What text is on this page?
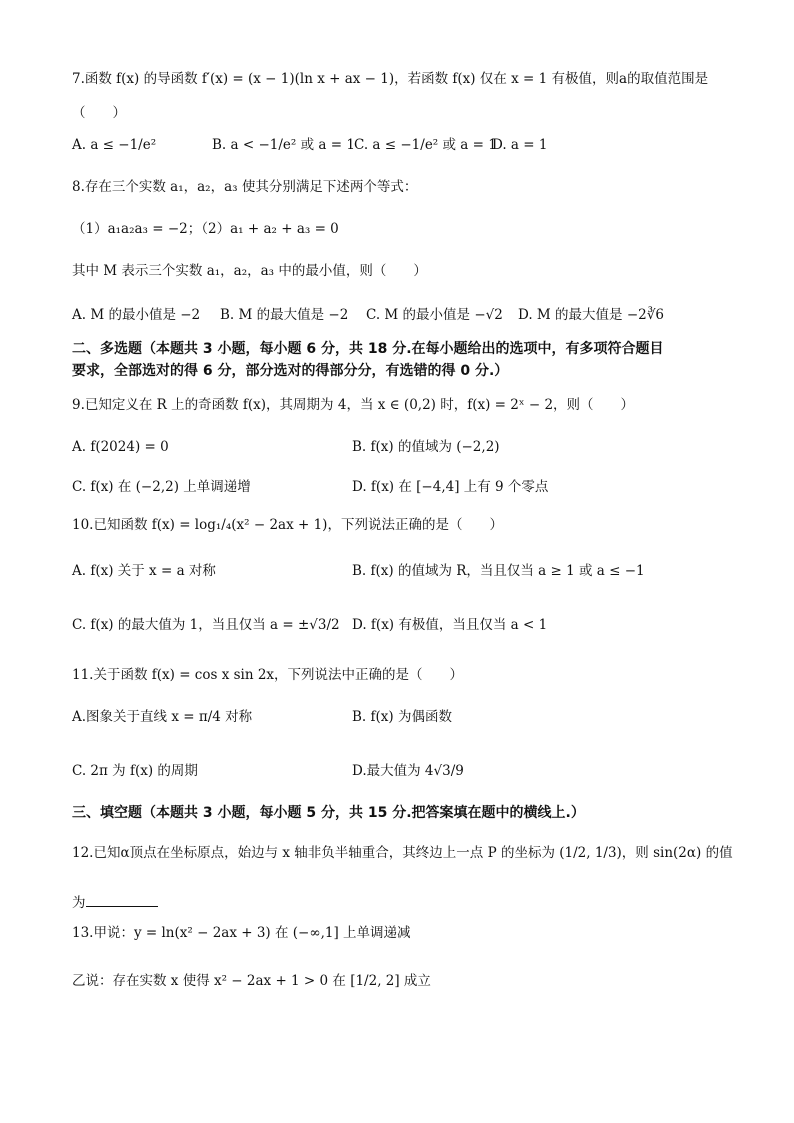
7.函数 f(x) 的导函数 f′(x) = (x − 1)(ln x + ax − 1)，若函数 f(x) 仅在 x = 1 有极值，则a的取值范围是
（　　）
A. a ≤ −1/e²	B. a < −1/e² 或 a = 1 C. a ≤ −1/e² 或 a = 1
D. a = 1
8.存在三个实数 a₁，a₂，a₃ 使其分别满足下述两个等式：
（1）a₁a₂a₃ = −2；（2）a₁ + a₂ + a₃ = 0
其中 M 表示三个实数 a₁，a₂，a₃ 中的最小值，则（　　）
A. M 的最小值是 −2 B. M 的最大值是 −2 C. M 的最小值是 −√2 D. M 的最大值是 −2∛6
二、多选题（本题共 3 小题，每小题 6 分，共 18 分.在每小题给出的选项中，有多项符合题目
要求，全部选对的得 6 分，部分选对的得部分分，有选错的得 0 分.）
9.已知定义在 R 上的奇函数 f(x)，其周期为 4，当 x ∈ (0,2) 时，f(x) = 2ˣ − 2，则（　　）
A. f(2024) = 0	B. f(x) 的值域为 (−2,2)
C. f(x) 在 (−2,2) 上单调递增	D. f(x) 在 [−4,4] 上有 9 个零点
10.已知函数 f(x) = log₁/₄(x² − 2ax + 1)，下列说法正确的是（　　）
A. f(x) 关于 x = a 对称	B. f(x) 的值域为 R，当且仅当 a ≥ 1 或 a ≤ −1
C. f(x) 的最大值为 1，当且仅当 a = ±√3/2 D. f(x) 有极值，当且仅当 a < 1
11.关于函数 f(x) = cos x sin 2x，下列说法中正确的是（　　）
A.图象关于直线 x = π/4 对称	B. f(x) 为偶函数
C. 2π 为 f(x) 的周期	D.最大值为 4√3/9
三、填空题（本题共 3 小题，每小题 5 分，共 15 分.把答案填在题中的横线上.）
12.已知α顶点在坐标原点，始边与 x 轴非负半轴重合，其终边上一点 P 的坐标为 (1/2, 1/3)，则 sin(2α) 的值
为
13.甲说：y = ln(x² − 2ax + 3) 在 (−∞,1] 上单调递减
乙说：存在实数 x 使得 x² − 2ax + 1 > 0 在 [1/2, 2] 成立
